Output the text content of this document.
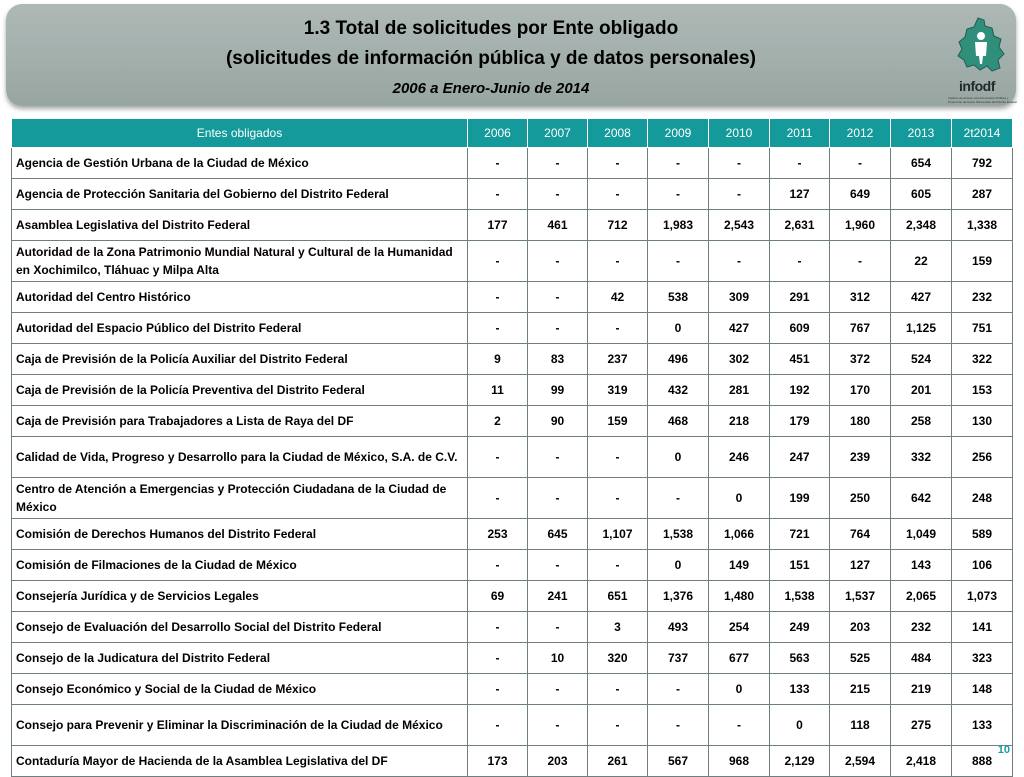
1.3 Total de solicitudes por Ente obligado
(solicitudes de información pública y de datos personales)
2006 a Enero-Junio de 2014	infodf
Instituto de Acceso a la Información Pública y Protección de Datos Personales del Distrito Federal
Entes obligados	2006	2007	2008	2009	2010	2011	2012	2013	2t2014
Agencia de Gestión Urbana de la Ciudad de México	-	-	-	-	-	-	-	654	792
Agencia de Protección Sanitaria del Gobierno del Distrito Federal	-	-	-	-	-	127	649	605	287
Asamblea Legislativa del Distrito Federal	177	461	712	1,983	2,543	2,631	1,960	2,348	1,338
Autoridad de la Zona Patrimonio Mundial Natural y Cultural de la Humanidad en Xochimilco, Tláhuac y Milpa Alta	-	-	-	-	-	-	-	22	159
Autoridad del Centro Histórico	-	-	42	538	309	291	312	427	232
Autoridad del Espacio Público del Distrito Federal	-	-	-	0	427	609	767	1,125	751
Caja de Previsión de la Policía Auxiliar del Distrito Federal	9	83	237	496	302	451	372	524	322
Caja de Previsión de la Policía Preventiva del Distrito Federal	11	99	319	432	281	192	170	201	153
Caja de Previsión para Trabajadores a Lista de Raya del DF	2	90	159	468	218	179	180	258	130
Calidad de Vida, Progreso y Desarrollo para la Ciudad de México, S.A. de C.V.	-	-	-	0	246	247	239	332	256
Centro de Atención a Emergencias y Protección Ciudadana de la Ciudad de México	-	-	-	-	0	199	250	642	248
Comisión de Derechos Humanos del Distrito Federal	253	645	1,107	1,538	1,066	721	764	1,049	589
Comisión de Filmaciones de la Ciudad de México	-	-	-	0	149	151	127	143	106
Consejería Jurídica y de Servicios Legales	69	241	651	1,376	1,480	1,538	1,537	2,065	1,073
Consejo de Evaluación del Desarrollo Social del Distrito Federal	-	-	3	493	254	249	203	232	141
Consejo de la Judicatura del Distrito Federal	-	10	320	737	677	563	525	484	323
Consejo Económico y Social de la Ciudad de México	-	-	-	-	0	133	215	219	148
Consejo para Prevenir y Eliminar la Discriminación de la Ciudad de México	-	-	-	-	-	0	118	275	133
Contaduría Mayor de Hacienda de la Asamblea Legislativa del DF	173	203	261	567	968	2,129	2,594	2,418	888
10
